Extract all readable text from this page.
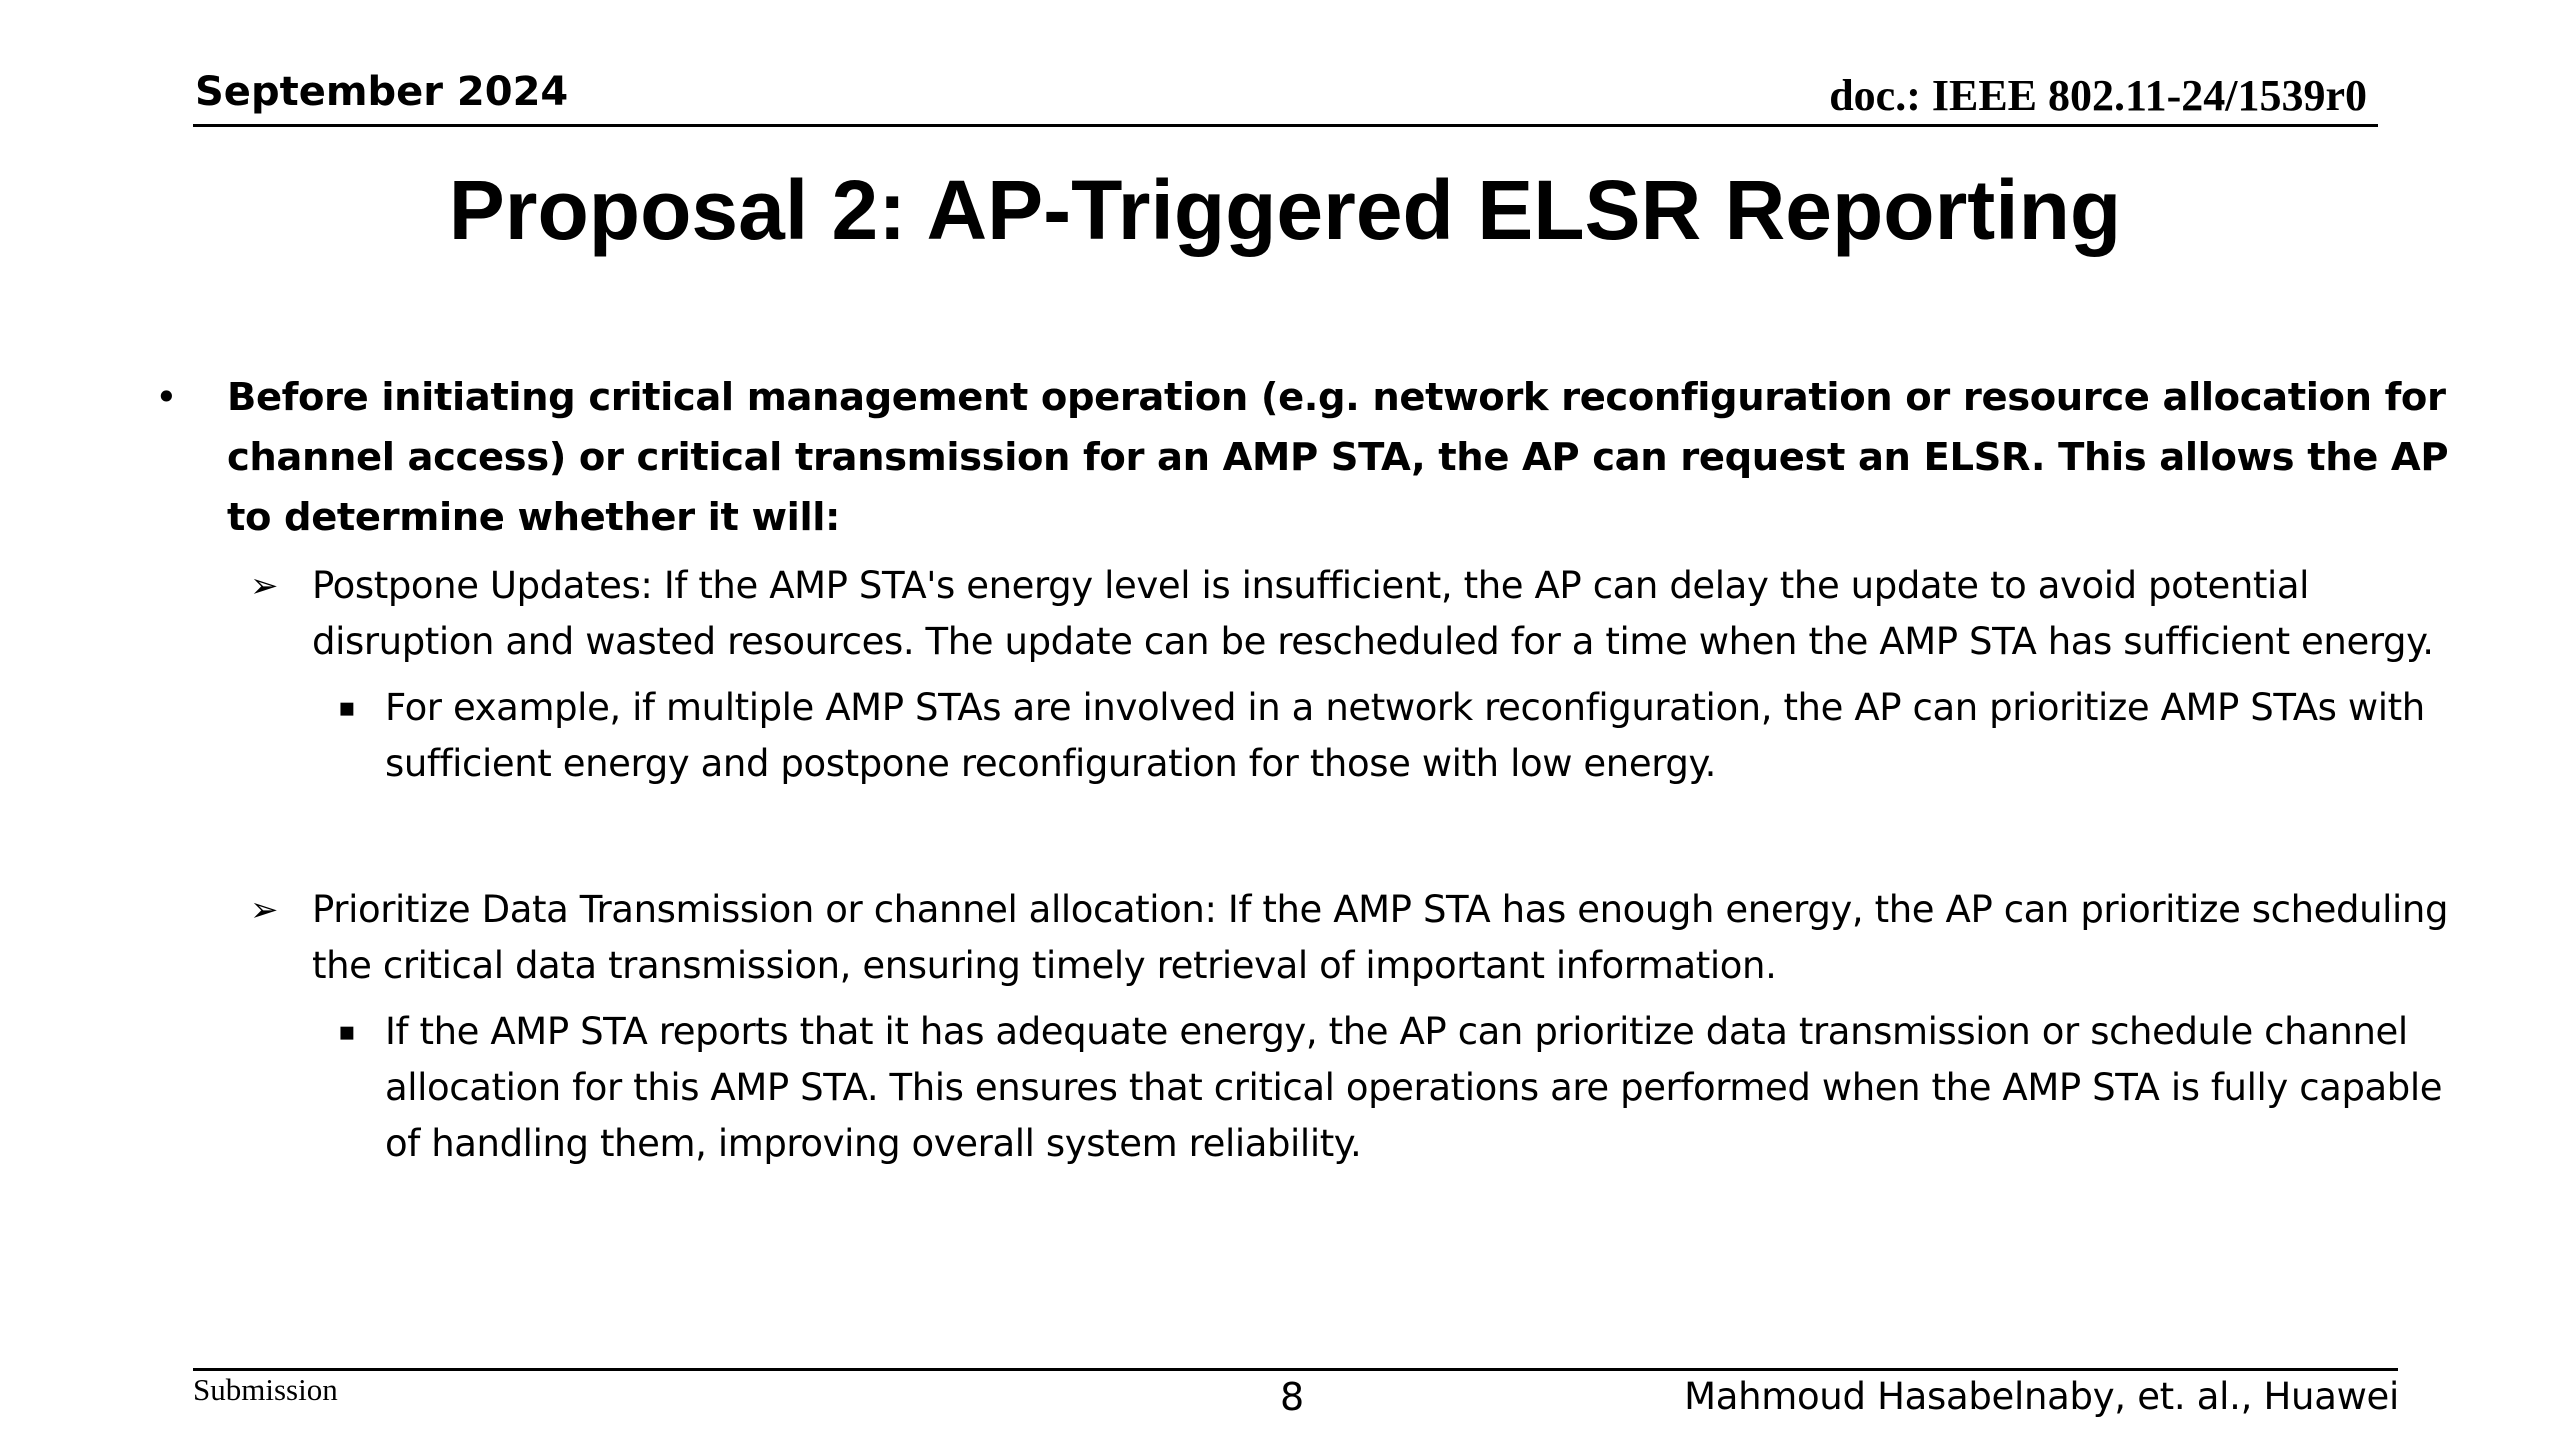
September 2024	doc.: IEEE 802.11-24/1539r0
Proposal 2: AP-Triggered ELSR Reporting
• Before initiating critical management operation (e.g. network reconfiguration or resource allocation for channel access) or critical transmission for an AMP STA, the AP can request an ELSR. This allows the AP to determine whether it will:
➢ Postpone Updates: If the AMP STA's energy level is insufficient, the AP can delay the update to avoid potential disruption and wasted resources. The update can be rescheduled for a time when the AMP STA has sufficient energy.
▪ For example, if multiple AMP STAs are involved in a network reconfiguration, the AP can prioritize AMP STAs with sufficient energy and postpone reconfiguration for those with low energy.
➢ Prioritize Data Transmission or channel allocation: If the AMP STA has enough energy, the AP can prioritize scheduling the critical data transmission, ensuring timely retrieval of important information.
▪ If the AMP STA reports that it has adequate energy, the AP can prioritize data transmission or schedule channel allocation for this AMP STA. This ensures that critical operations are performed when the AMP STA is fully capable of handling them, improving overall system reliability.
Submission	8	Mahmoud Hasabelnaby, et. al., Huawei
